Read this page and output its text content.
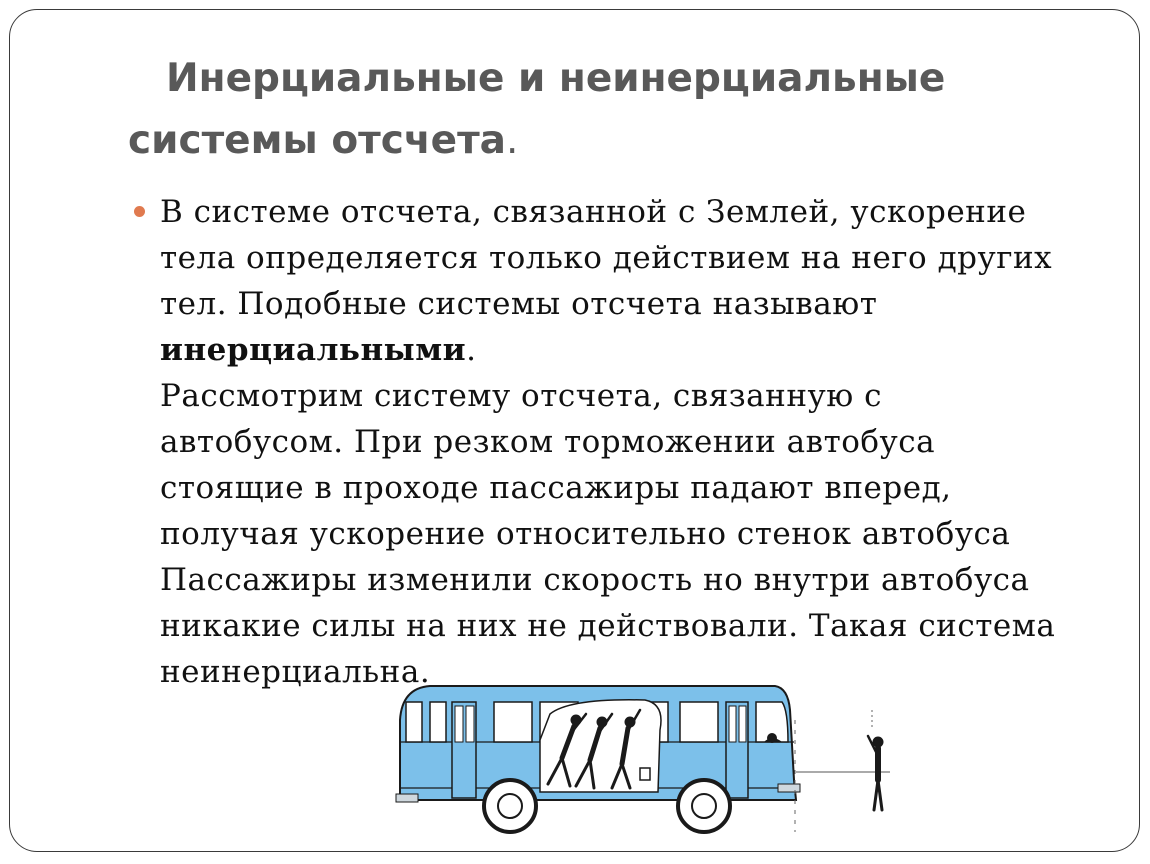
Инерциальные и неинерциальные
системы отсчета.
В системе отсчета, связанной с Землей, ускорение
тела определяется только действием на него других
тел. Подобные системы отсчета называют
инерциальными.
Рассмотрим систему отсчета, связанную с
автобусом. При резком торможении автобуса
стоящие в проходе пассажиры падают вперед,
получая ускорение относительно стенок автобуса
Пассажиры изменили скорость но внутри автобуса
никакие силы на них не действовали. Такая система
неинерциальна.
